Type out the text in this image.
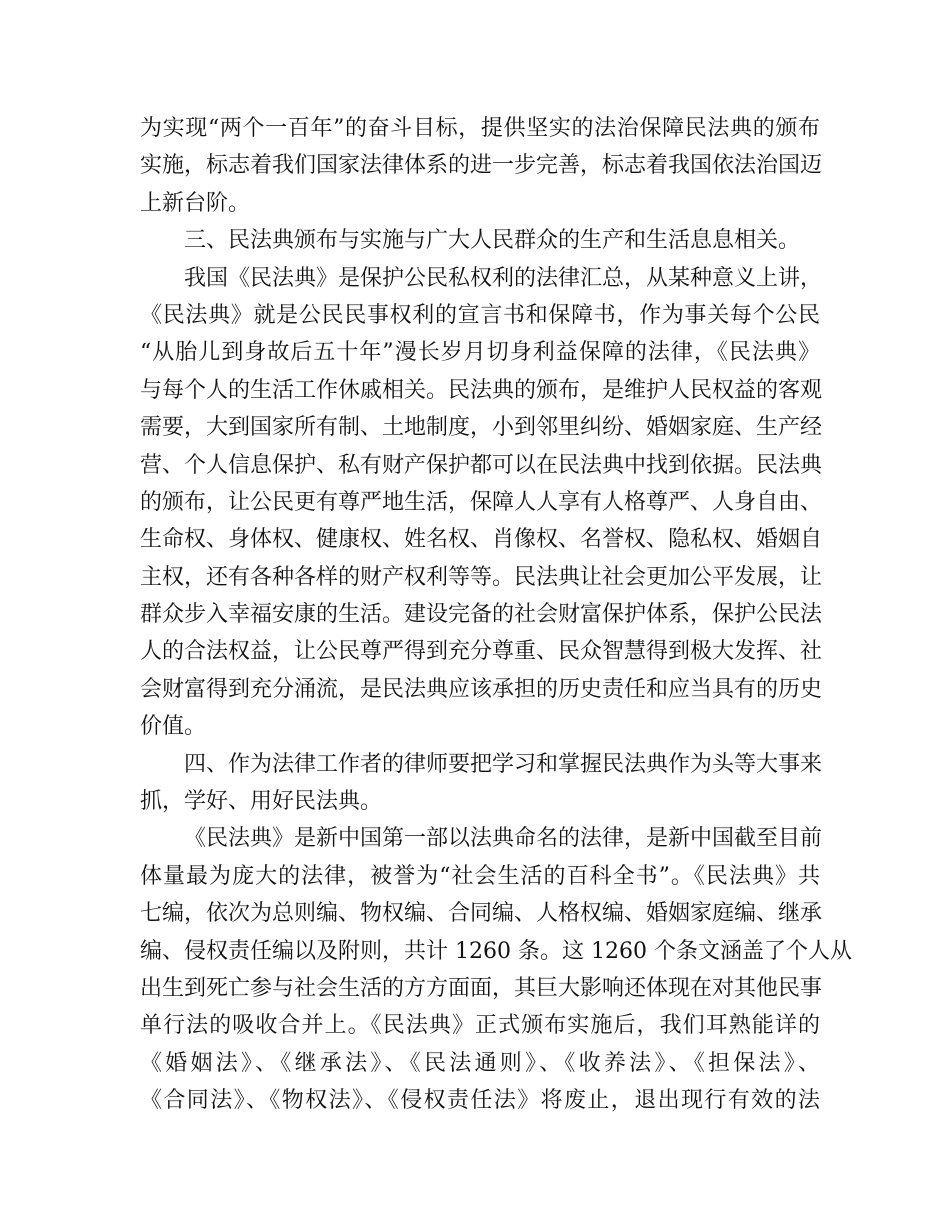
为实现“两个一百年”的奋斗目标，提供坚实的法治保障民法典的颁布
实施，标志着我们国家法律体系的进一步完善，标志着我国依法治国迈
上新台阶。
三、民法典颁布与实施与广大人民群众的生产和生活息息相关。
我国《民法典》是保护公民私权利的法律汇总，从某种意义上讲，
《民法典》就是公民民事权利的宣言书和保障书，作为事关每个公民
“从胎儿到身故后五十年”漫长岁月切身利益保障的法律，《民法典》
与每个人的生活工作休戚相关。民法典的颁布，是维护人民权益的客观
需要，大到国家所有制、土地制度，小到邻里纠纷、婚姻家庭、生产经
营、个人信息保护、私有财产保护都可以在民法典中找到依据。民法典
的颁布，让公民更有尊严地生活，保障人人享有人格尊严、人身自由、
生命权、身体权、健康权、姓名权、肖像权、名誉权、隐私权、婚姻自
主权，还有各种各样的财产权利等等。民法典让社会更加公平发展，让
群众步入幸福安康的生活。建设完备的社会财富保护体系，保护公民法
人的合法权益，让公民尊严得到充分尊重、民众智慧得到极大发挥、社
会财富得到充分涌流，是民法典应该承担的历史责任和应当具有的历史
价值。
四、作为法律工作者的律师要把学习和掌握民法典作为头等大事来
抓，学好、用好民法典。
《民法典》是新中国第一部以法典命名的法律，是新中国截至目前
体量最为庞大的法律，被誉为“社会生活的百科全书”。《民法典》共
七编，依次为总则编、物权编、合同编、人格权编、婚姻家庭编、继承
编、侵权责任编以及附则，共计 1260 条。这 1260 个条文涵盖了个人从
出生到死亡参与社会生活的方方面面，其巨大影响还体现在对其他民事
单行法的吸收合并上。《民法典》正式颁布实施后，我们耳熟能详的
《婚姻法》、《继承法》、《民法通则》、《收养法》、《担保法》、
《合同法》、《物权法》、《侵权责任法》将废止，退出现行有效的法
